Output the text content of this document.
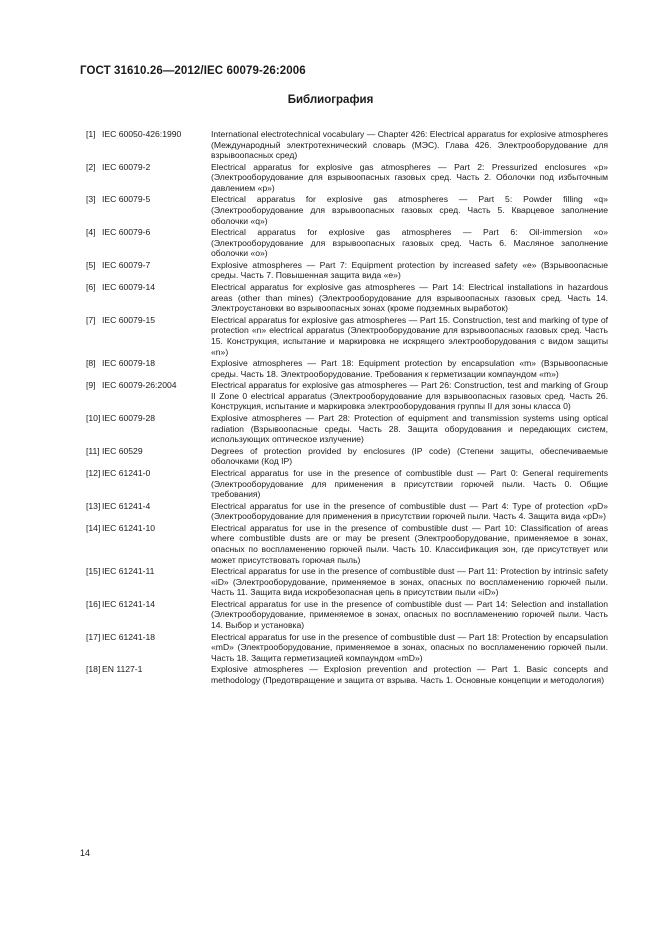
ГОСТ 31610.26—2012/IEC 60079-26:2006
Библиография
[1] IEC 60050-426:1990	International electrotechnical vocabulary — Chapter 426: Electrical apparatus for explosive atmospheres (Международный электротехнический словарь (МЭС). Глава 426. Электрооборудование для взрывоопасных сред)
[2] IEC 60079-2	Electrical apparatus for explosive gas atmospheres — Part 2: Pressurized enclosures «p» (Электрооборудование для взрывоопасных газовых сред. Часть 2. Оболочки под избыточным давлением «p»)
[3] IEC 60079-5	Electrical apparatus for explosive gas atmospheres — Part 5: Powder filling «q» (Электрооборудование для взрывоопасных газовых сред. Часть 5. Кварцевое заполнение оболочки «q»)
[4] IEC 60079-6	Electrical apparatus for explosive gas atmospheres — Part 6: Oil-immersion «o» (Электрооборудование для взрывоопасных газовых сред. Часть 6. Масляное заполнение оболочки «o»)
[5] IEC 60079-7	Explosive atmospheres — Part 7: Equipment protection by increased safety «e» (Взрывоопасные среды. Часть 7. Повышенная защита вида «e»)
[6] IEC 60079-14	Electrical apparatus for explosive gas atmospheres — Part 14: Electrical installations in hazardous areas (other than mines) (Электрооборудование для взрывоопасных газовых сред. Часть 14. Электроустановки во взрывоопасных зонах (кроме подземных выработок)
[7] IEC 60079-15	Electrical apparatus for explosive gas atmospheres — Part 15. Construction, test and marking of type of protection «n» electrical apparatus (Электрооборудование для взрывоопасных газовых сред. Часть 15. Конструкция, испытание и маркировка не искрящего электрооборудования с видом защиты «n»)
[8] IEC 60079-18	Explosive atmospheres — Part 18: Equipment protection by encapsulation «m» (Взрывоопасные среды. Часть 18. Электрооборудование. Требования к герметизации компаундом «m»)
[9] IEC 60079-26:2004	Electrical apparatus for explosive gas atmospheres — Part 26: Construction, test and marking of Group II Zone 0 electrical apparatus (Электрооборудование для взрывоопасных газовых сред. Часть 26. Конструкция, испытание и маркировка электрооборудования группы II для зоны класса 0)
[10] IEC 60079-28	Explosive atmospheres — Part 28: Protection of equipment and transmission systems using optical radiation (Взрывоопасные среды. Часть 28. Защита оборудования и передающих систем, использующих оптическое излучение)
[11] IEC 60529	Degrees of protection provided by enclosures (IP code) (Степени защиты, обеспечиваемые оболочками (Код IP)
[12] IEC 61241-0	Electrical apparatus for use in the presence of combustible dust — Part 0: General requirements (Электрооборудование для применения в присутствии горючей пыли. Часть 0. Общие требования)
[13] IEC 61241-4	Electrical apparatus for use in the presence of combustible dust — Part 4: Type of protection «pD» (Электрооборудование для применения в присутствии горючей пыли. Часть 4. Защита вида «pD»)
[14] IEC 61241-10	Electrical apparatus for use in the presence of combustible dust — Part 10: Classification of areas where combustible dusts are or may be present (Электрооборудование, применяемое в зонах, опасных по воспламенению горючей пыли. Часть 10. Классификация зон, где присутствует или может присутствовать горючая пыль)
[15] IEC 61241-11	Electrical apparatus for use in the presence of combustible dust — Part 11: Protection by intrinsic safety «iD» (Электрооборудование, применяемое в зонах, опасных по воспламенению горючей пыли. Часть 11. Защита вида искробезопасная цепь в присутствии пыли «iD»)
[16] IEC 61241-14	Electrical apparatus for use in the presence of combustible dust — Part 14: Selection and installation (Электрооборудование, применяемое в зонах, опасных по воспламенению горючей пыли. Часть 14. Выбор и установка)
[17] IEC 61241-18	Electrical apparatus for use in the presence of combustible dust — Part 18: Protection by encapsulation «mD» (Электрооборудование, применяемое в зонах, опасных по воспламенению горючей пыли. Часть 18. Защита герметизацией компаундом «mD»)
[18] EN 1127-1	Explosive atmospheres — Explosion prevention and protection — Part 1. Basic concepts and methodology (Предотвращение и защита от взрыва. Часть 1. Основные концепции и методология)
14
